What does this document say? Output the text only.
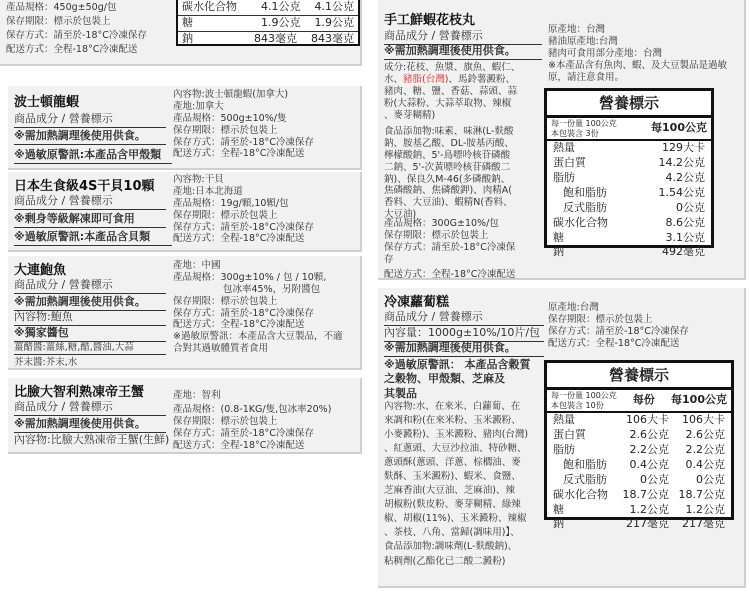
產品規格：450g±50g/包
保存期限：標示於包裝上
保存方式：請至於-18°C冷凍保存
配送方式：全程-18°C冷凍配送
碳水化合物 4.1公克 4.1公克
糖	1.9公克 1.9公克
鈉	843毫克 843毫克
波士頓龍蝦
商品成分 / 營養標示
※需加熱調理後使用供食。
※過敏原警訊:本產品含甲殼類
內容物:波士頓龍蝦(加拿大)
產地:加拿大
產品規格：500g±10%/隻
保存期限：標示於包裝上
保存方式：請至於-18°C冷凍保存
配送方式：全程-18°C冷凍配送
日本生食級4S干貝10顆
商品成分 / 營養標示
※剩身等級解凍即可食用
※過敏原警訊:本產品含貝類
內容物:干貝
產地:日本北海道
產品規格：19g/顆,10顆/包
保存期限：標示於包裝上
保存方式：請至於-18°C冷凍保存
配送方式：全程-18°C冷凍配送
大連鮑魚
商品成分 / 營養標示
※需加熱調理後使用供食。
內容物:鮑魚
※獨家醬包
薑醋醬:薑絲,糖,醋,醬油,大蒜
芥末醬:芥末,水
產地：中國
產品規格：300g±10% / 包 / 10顆,
包冰率45%，另附醬包
保存期限：標示於包裝上
保存方式：請至於-18°C冷凍保存
配送方式：全程-18°C冷凍配送
※過敏原警訊：本產品含大豆製品，不適
合對其過敏體質者食用
比臉大智利熟凍帝王蟹
商品成分 / 營養標示
※需加熱調理後使用供食。
內容物:比臉大熟凍帝王蟹(生鮮)
產地：智利
產品規格：(0.8-1KG/隻,包冰率20%)
保存期限：標示於包裝上
保存方式：請至於-18°C冷凍保存
配送方式：全程-18°C冷凍配送
手工鮮蝦花枝丸
商品成分 / 營養標示
※需加熱調理後使用供食。
原產地：台灣
豬油原產地:台灣
豬肉可食用部分產地：台灣
※本產品含有魚肉、蝦、及大豆製品是過敏
原，請注意食用。
成分:花枝、魚漿、旗魚、蝦仁、
水、豬脂(台灣)、馬鈴薯澱粉、
豬肉、糖、鹽、香菇、蒜頭、蒜
粉(大蒜粉、大蒜萃取物、辣椒
、麥芽糊精)
食品添加物:味素、味淋(L-麩酸
鈉、胺基乙酸、DL-胺基丙酸、
檸檬酸鈉、5'-鳥嘌呤核苷磷酸
二鈉、5'-次黃嘌呤核苷磷酸二
鈉)、保良久M-46(多磷酸鈉、
焦磷酸鈉、焦磷酸鉀)、肉精A(
香料、大豆油)、蝦精N(香料、
大豆油)
產品規格：300G±10%/包
保存期限：標示於包裝上
保存方式：請至於-18°C冷凍保
存
配送方式：全程-18°C冷凍配送
營養標示
每一份量 100公克
本包裝含 3份	每100公克
熱量	129大卡
蛋白質	14.2公克
脂肪	4.2公克
飽和脂肪	1.54公克
反式脂肪	0公克
碳水化合物	8.6公克
糖	3.1公克
鈉	492毫克
冷凍蘿蔔糕
商品成分 / 營養標示
內容量：1000g±10%/10片/包
※需加熱調理後使用供食。
※過敏原警訊： 本產品含穀質
之穀物、甲殼類、芝麻及
其製品
內容物:水、在來米、白蘿蔔、在
來調和粉(在來米粉、玉米澱粉、
小麥澱粉)、玉米澱粉、豬肉(台灣)
、紅蔥頭、大豆沙拉油、特砂糖、
蔥頭酥(蔥頭、洋蔥、棕櫚油、麥
麩酥、玉米澱粉)、蝦米、食鹽、
芝麻香油(大豆油、芝麻油)、辣
胡椒粉(麩皮粉、麥芽糊精、綠辣
椒、胡椒(11%)、玉米澱粉、辣椒
、茶枝、八角、當歸(調味用)】、
食品添加物:調味劑(L-麩酸鈉)、
粘稠劑(乙酯化已二酸二澱粉)
原產地:台灣
保存期限：標示於包裝上
保存方式：請至於-18°C冷凍保存
配送方式：全程-18°C冷凍配送
營養標示
每一份量 100公克
本包裝含 10份	每份 每100公克
熱量	106大卡 106大卡
蛋白質	2.6公克 2.6公克
脂肪	2.2公克 2.2公克
飽和脂肪	0.4公克 0.4公克
反式脂肪	0公克 0公克
碳水化合物	18.7公克 18.7公克
糖	1.2公克 1.2公克
鈉	217毫克 217毫克
